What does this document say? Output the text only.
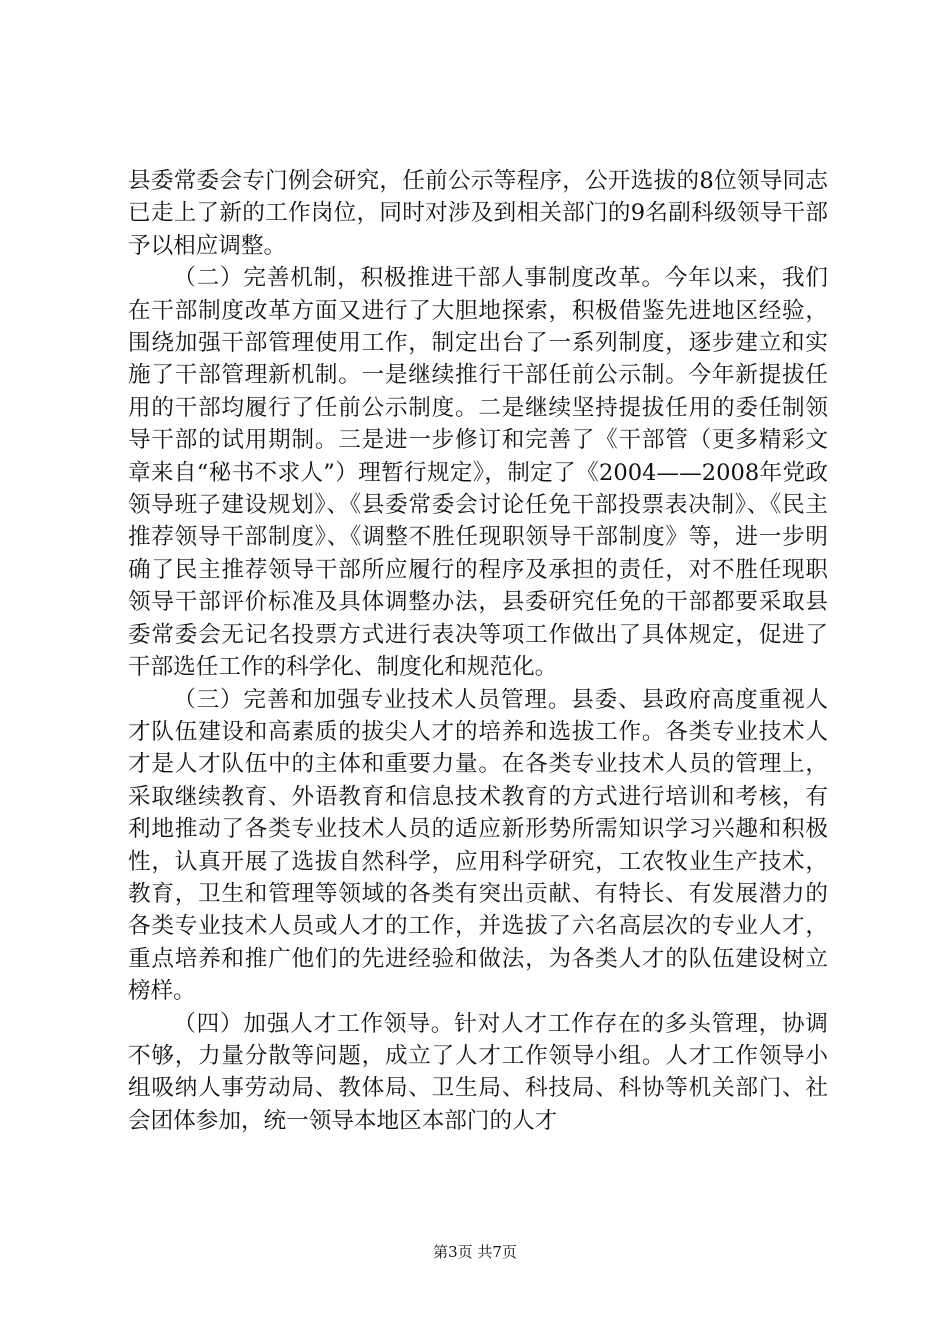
县委常委会专门例会研究，任前公示等程序，公开选拔的8位领导同志已走上了新的工作岗位，同时对涉及到相关部门的9名副科级领导干部予以相应调整。

（二）完善机制，积极推进干部人事制度改革。今年以来，我们在干部制度改革方面又进行了大胆地探索，积极借鉴先进地区经验，围绕加强干部管理使用工作，制定出台了一系列制度，逐步建立和实施了干部管理新机制。一是继续推行干部任前公示制。今年新提拔任用的干部均履行了任前公示制度。二是继续坚持提拔任用的委任制领导干部的试用期制。三是进一步修订和完善了《干部管（更多精彩文章来自“秘书不求人”）理暂行规定》，制定了《2004——2008年党政领导班子建设规划》、《县委常委会讨论任免干部投票表决制》、《民主推荐领导干部制度》、《调整不胜任现职领导干部制度》等，进一步明确了民主推荐领导干部所应履行的程序及承担的责任，对不胜任现职领导干部评价标准及具体调整办法，县委研究任免的干部都要采取县委常委会无记名投票方式进行表决等项工作做出了具体规定，促进了干部选任工作的科学化、制度化和规范化。

（三）完善和加强专业技术人员管理。县委、县政府高度重视人才队伍建设和高素质的拔尖人才的培养和选拔工作。各类专业技术人才是人才队伍中的主体和重要力量。在各类专业技术人员的管理上，采取继续教育、外语教育和信息技术教育的方式进行培训和考核，有利地推动了各类专业技术人员的适应新形势所需知识学习兴趣和积极性，认真开展了选拔自然科学，应用科学研究，工农牧业生产技术，教育，卫生和管理等领域的各类有突出贡献、有特长、有发展潜力的各类专业技术人员或人才的工作，并选拔了六名高层次的专业人才，重点培养和推广他们的先进经验和做法，为各类人才的队伍建设树立榜样。

（四）加强人才工作领导。针对人才工作存在的多头管理，协调不够，力量分散等问题，成立了人才工作领导小组。人才工作领导小组吸纳人事劳动局、教体局、卫生局、科技局、科协等机关部门、社会团体参加，统一领导本地区本部门的人才

第3页 共7页
